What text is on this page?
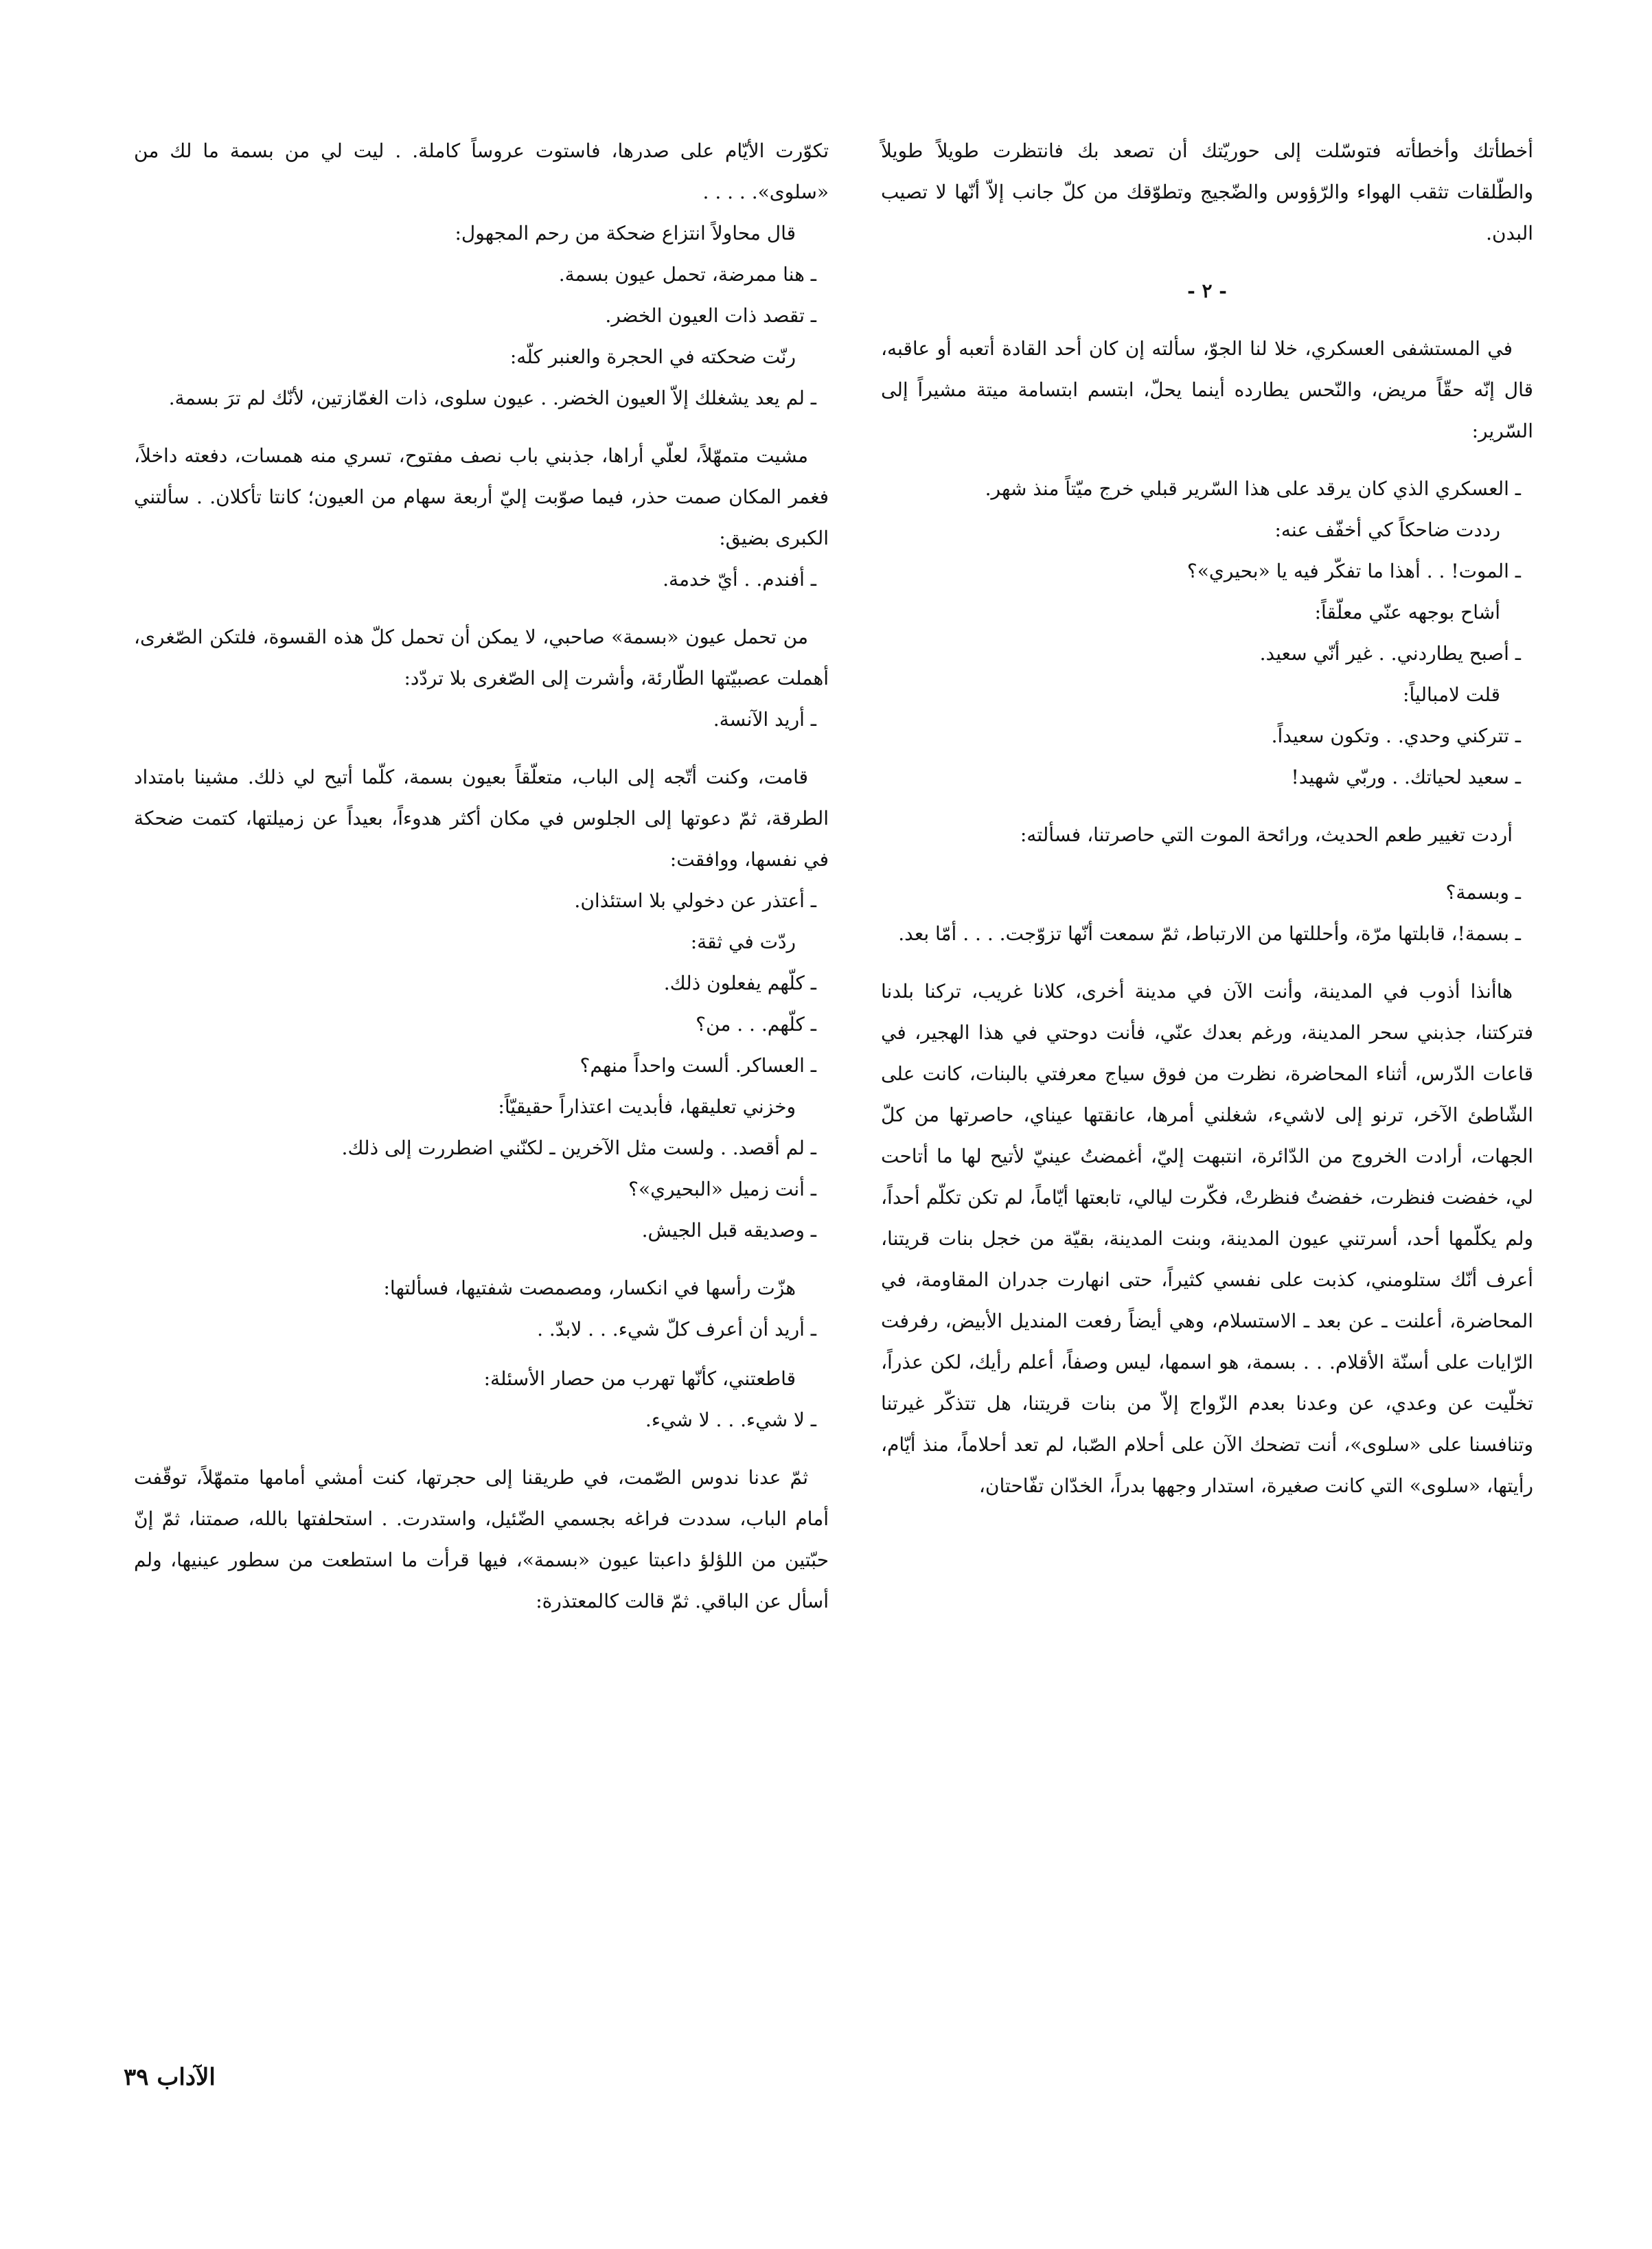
أخطأتك وأخطأته فتوسّلت إلى حوريّتك أن تصعد بك فانتظرت طويلاً طويلاً والطّلقات تثقب الهواء والرّؤوس والضّجيج وتطوّقك من كلّ جانب إلاّ أنّها لا تصيب البدن.

- ٢ -

في المستشفى العسكري، خلا لنا الجوّ، سألته إن كان أحد القادة أتعبه أو عاقبه، قال إنّه حقّاً مريض، والنّحس يطارده أينما يحلّ، ابتسم ابتسامة ميتة مشيراً إلى السّرير:

ـ العسكري الذي كان يرقد على هذا السّرير قبلي خرج ميّتاً منذ شهر.

رددت ضاحكاً كي أخفّف عنه:

ـ الموت! . . أهذا ما تفكّر فيه يا «بحيري»؟

أشاح بوجهه عنّي معلّقاً:

ـ أصبح يطاردني. . غير أنّي سعيد.

قلت لامبالياً:

ـ تتركني وحدي. . وتكون سعيداً.

ـ سعيد لحياتك. . وربّي شهيد!

أردت تغيير طعم الحديث، ورائحة الموت التي حاصرتنا، فسألته:

ـ وبسمة؟

ـ بسمة!، قابلتها مرّة، وأحللتها من الارتباط، ثمّ سمعت أنّها تزوّجت. . . . أمّا بعد.

هاأنذا أذوب في المدينة، وأنت الآن في مدينة أخرى، كلانا غريب، تركنا بلدنا فتركتنا، جذبني سحر المدينة، ورغم بعدك عنّي، فأنت دوحتي في هذا الهجير، في قاعات الدّرس، أثناء المحاضرة، نظرت من فوق سياج معرفتي بالبنات، كانت على الشّاطئ الآخر، ترنو إلى لاشيء، شغلني أمرها، عانقتها عيناي، حاصرتها من كلّ الجهات، أرادت الخروج من الدّائرة، انتبهت إليّ، أغمضتُ عينيّ لأتيح لها ما أتاحت لي، خفضت فنظرت، خفضتُ فنظرتْ، فكّرت ليالي، تابعتها أيّاماً، لم تكن تكلّم أحداً، ولم يكلّمها أحد، أسرتني عيون المدينة، وبنت المدينة، بقيّة من خجل بنات قريتنا، أعرف أنّك ستلومني، كذبت على نفسي كثيراً، حتى انهارت جدران المقاومة، في المحاضرة، أعلنت ـ عن بعد ـ الاستسلام، وهي أيضاً رفعت المنديل الأبيض، رفرفت الرّايات على أسنّة الأقلام. . . بسمة، هو اسمها، ليس وصفاً، أعلم رأيك، لكن عذراً، تخلّيت عن وعدي، عن وعدنا بعدم الزّواج إلاّ من بنات قريتنا، هل تتذكّر غيرتنا وتنافسنا على «سلوى»، أنت تضحك الآن على أحلام الصّبا، لم تعد أحلاماً، منذ أيّام، رأيتها، «سلوى» التي كانت صغيرة، استدار وجهها بدراً، الخدّان تفّاحتان،

تكوّرت الأيّام على صدرها، فاستوت عروساً كاملة. . ليت لي من بسمة ما لك من «سلوى». . . . .

قال محاولاً انتزاع ضحكة من رحم المجهول:

ـ هنا ممرضة، تحمل عيون بسمة.

ـ تقصد ذات العيون الخضر.

رنّت ضحكته في الحجرة والعنبر كلّه:

ـ لم يعد يشغلك إلاّ العيون الخضر. . عيون سلوى، ذات الغمّازتين، لأنّك لم ترَ بسمة.

مشيت متمهّلاً، لعلّي أراها، جذبني باب نصف مفتوح، تسري منه همسات، دفعته داخلاً، فغمر المكان صمت حذر، فيما صوّبت إليّ أربعة سهام من العيون؛ كانتا تأكلان. . سألتني الكبرى بضيق:

ـ أفندم. . أيّ خدمة.

من تحمل عيون «بسمة» صاحبي، لا يمكن أن تحمل كلّ هذه القسوة، فلتكن الصّغرى، أهملت عصبيّتها الطّارئة، وأشرت إلى الصّغرى بلا تردّد:

ـ أريد الآنسة.

قامت، وكنت أتّجه إلى الباب، متعلّقاً بعيون بسمة، كلّما أتيح لي ذلك. مشينا بامتداد الطرقة، ثمّ دعوتها إلى الجلوس في مكان أكثر هدوءاً، بعيداً عن زميلتها، كتمت ضحكة في نفسها، ووافقت:

ـ أعتذر عن دخولي بلا استئذان.

ردّت في ثقة:

ـ كلّهم يفعلون ذلك.

ـ كلّهم. . . من؟

ـ العساكر. ألست واحداً منهم؟

وخزني تعليقها، فأبديت اعتذاراً حقيقيّاً:

ـ لم أقصد. . ولست مثل الآخرين ـ لكنّني اضطررت إلى ذلك.

ـ أنت زميل «البحيري»؟

ـ وصديقه قبل الجيش.

هزّت رأسها في انكسار، ومصمصت شفتيها، فسألتها:

ـ أريد أن أعرف كلّ شيء. . . لابدّ. .

قاطعتني، كأنّها تهرب من حصار الأسئلة:

ـ لا شيء. . . لا شيء.

ثمّ عدنا ندوس الصّمت، في طريقنا إلى حجرتها، كنت أمشي أمامها متمهّلاً، توقّفت أمام الباب، سددت فراغه بجسمي الضّئيل، واستدرت. . استحلفتها بالله، صمتنا، ثمّ إنّ حبّتين من اللؤلؤ داعبتا عيون «بسمة»، فيها قرأت ما استطعت من سطور عينيها، ولم أسأل عن الباقي. ثمّ قالت كالمعتذرة:

الآداب ٣٩
